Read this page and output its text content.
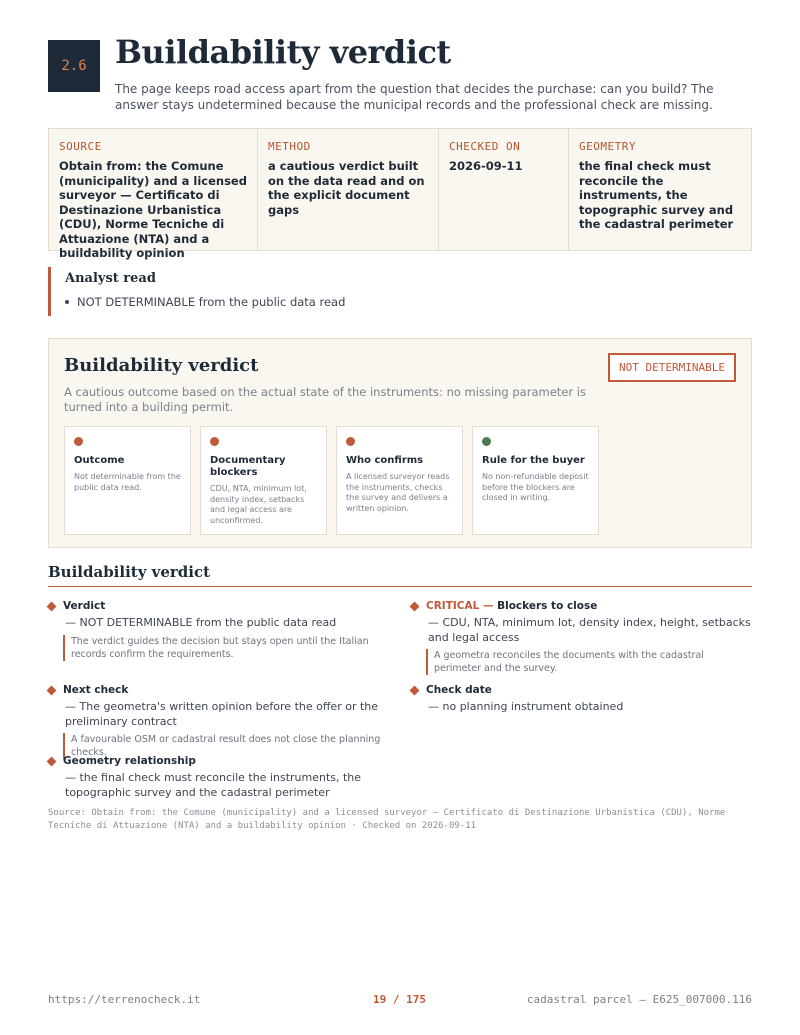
2.6 Buildability verdict

The page keeps road access apart from the question that decides the purchase: can you build? The answer stays undetermined because the municipal records and the professional check are missing.

SOURCE
Obtain from: the Comune (municipality) and a licensed surveyor — Certificato di Destinazione Urbanistica (CDU), Norme Tecniche di Attuazione (NTA) and a buildability opinion
METHOD
a cautious verdict built on the data read and on the explicit document gaps
CHECKED ON
2026-09-11
GEOMETRY
the final check must reconcile the instruments, the topographic survey and the cadastral perimeter
Analyst read
NOT DETERMINABLE from the public data read
Buildability verdict	NOT DETERMINABLE
A cautious outcome based on the actual state of the instruments: no missing parameter is turned into a building permit.
Outcome
Not determinable from the public data read.
Documentary blockers
CDU, NTA, minimum lot, density index, setbacks and legal access are unconfirmed.
Who confirms
A licensed surveyor reads the instruments, checks the survey and delivers a written opinion.
Rule for the buyer
No non-refundable deposit before the blockers are closed in writing.
Buildability verdict
Verdict
— NOT DETERMINABLE from the public data read
The verdict guides the decision but stays open until the Italian records confirm the requirements.
CRITICAL — Blockers to close
— CDU, NTA, minimum lot, density index, height, setbacks and legal access
A geometra reconciles the documents with the cadastral perimeter and the survey.
Next check
— The geometra's written opinion before the offer or the preliminary contract
A favourable OSM or cadastral result does not close the planning checks.
Check date
— no planning instrument obtained
Geometry relationship
— the final check must reconcile the instruments, the topographic survey and the cadastral perimeter
Source: Obtain from: the Comune (municipality) and a licensed surveyor — Certificato di Destinazione Urbanistica (CDU), Norme Tecniche di Attuazione (NTA) and a buildability opinion · Checked on 2026-09-11
https://terrenocheck.it	19 / 175	cadastral parcel — E625_007000.116
